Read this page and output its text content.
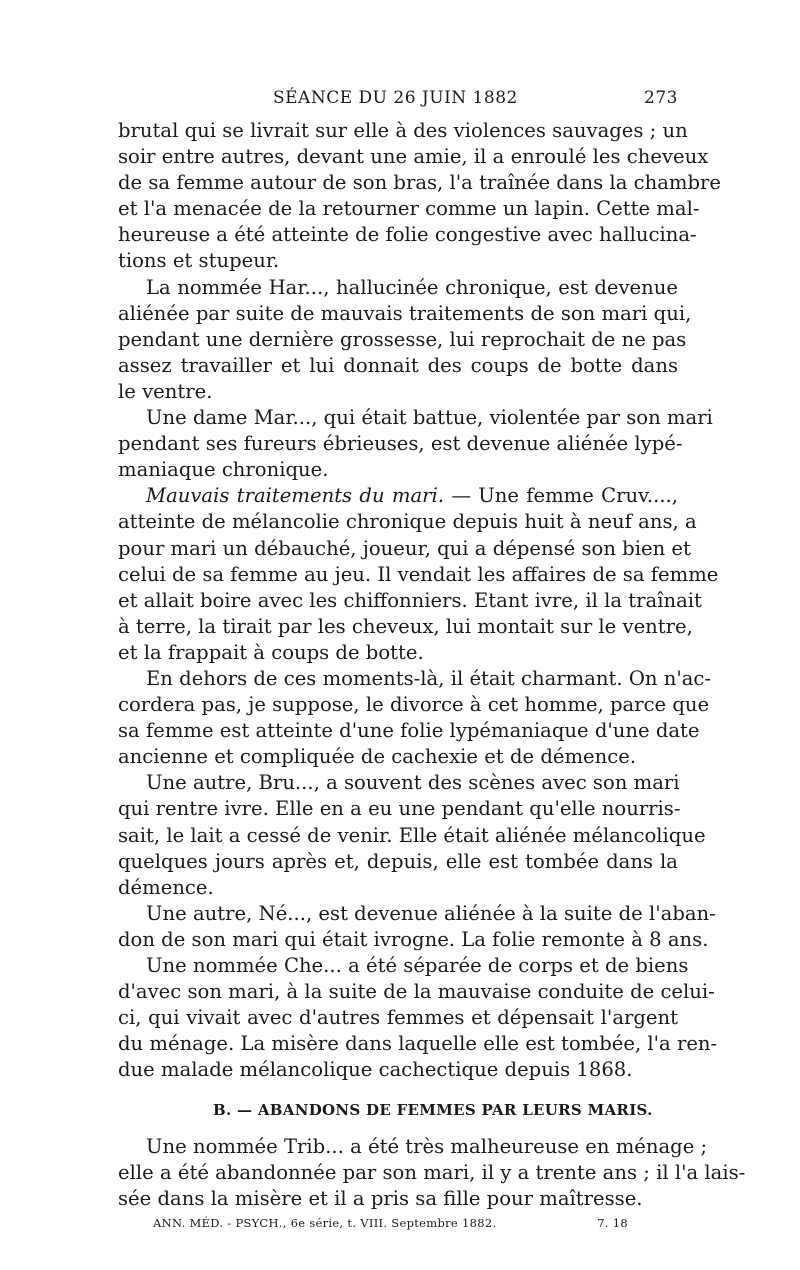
SÉANCE DU 26 JUIN 1882	273
brutal qui se livrait sur elle à des violences sauvages ; un
soir entre autres, devant une amie, il a enroulé les cheveux
de sa femme autour de son bras, l'a traînée dans la chambre
et l'a menacée de la retourner comme un lapin. Cette mal-
heureuse a été atteinte de folie congestive avec hallucina-
tions et stupeur.
La nommée Har..., hallucinée chronique, est devenue
aliénée par suite de mauvais traitements de son mari qui,
pendant une dernière grossesse, lui reprochait de ne pas
assez travailler et lui donnait des coups de botte dans
le ventre.
Une dame Mar..., qui était battue, violentée par son mari
pendant ses fureurs ébrieuses, est devenue aliénée lypé-
maniaque chronique.
Mauvais traitements du mari. — Une femme Cruv....,
atteinte de mélancolie chronique depuis huit à neuf ans, a
pour mari un débauché, joueur, qui a dépensé son bien et
celui de sa femme au jeu. Il vendait les affaires de sa femme
et allait boire avec les chiffonniers. Etant ivre, il la traînait
à terre, la tirait par les cheveux, lui montait sur le ventre,
et la frappait à coups de botte.
En dehors de ces moments-là, il était charmant. On n'ac-
cordera pas, je suppose, le divorce à cet homme, parce que
sa femme est atteinte d'une folie lypémaniaque d'une date
ancienne et compliquée de cachexie et de démence.
Une autre, Bru..., a souvent des scènes avec son mari
qui rentre ivre. Elle en a eu une pendant qu'elle nourris-
sait, le lait a cessé de venir. Elle était aliénée mélancolique
quelques jours après et, depuis, elle est tombée dans la
démence.
Une autre, Né..., est devenue aliénée à la suite de l'aban-
don de son mari qui était ivrogne. La folie remonte à 8 ans.
Une nommée Che... a été séparée de corps et de biens
d'avec son mari, à la suite de la mauvaise conduite de celui-
ci, qui vivait avec d'autres femmes et dépensait l'argent
du ménage. La misère dans laquelle elle est tombée, l'a ren-
due malade mélancolique cachectique depuis 1868.
B. — ABANDONS DE FEMMES PAR LEURS MARIS.
Une nommée Trib... a été très malheureuse en ménage ;
elle a été abandonnée par son mari, il y a trente ans ; il l'a lais-
sée dans la misère et il a pris sa fille pour maîtresse.
ANN. MÉD. - PSYCH., 6e série, t. VIII. Septembre 1882.	7. 18
